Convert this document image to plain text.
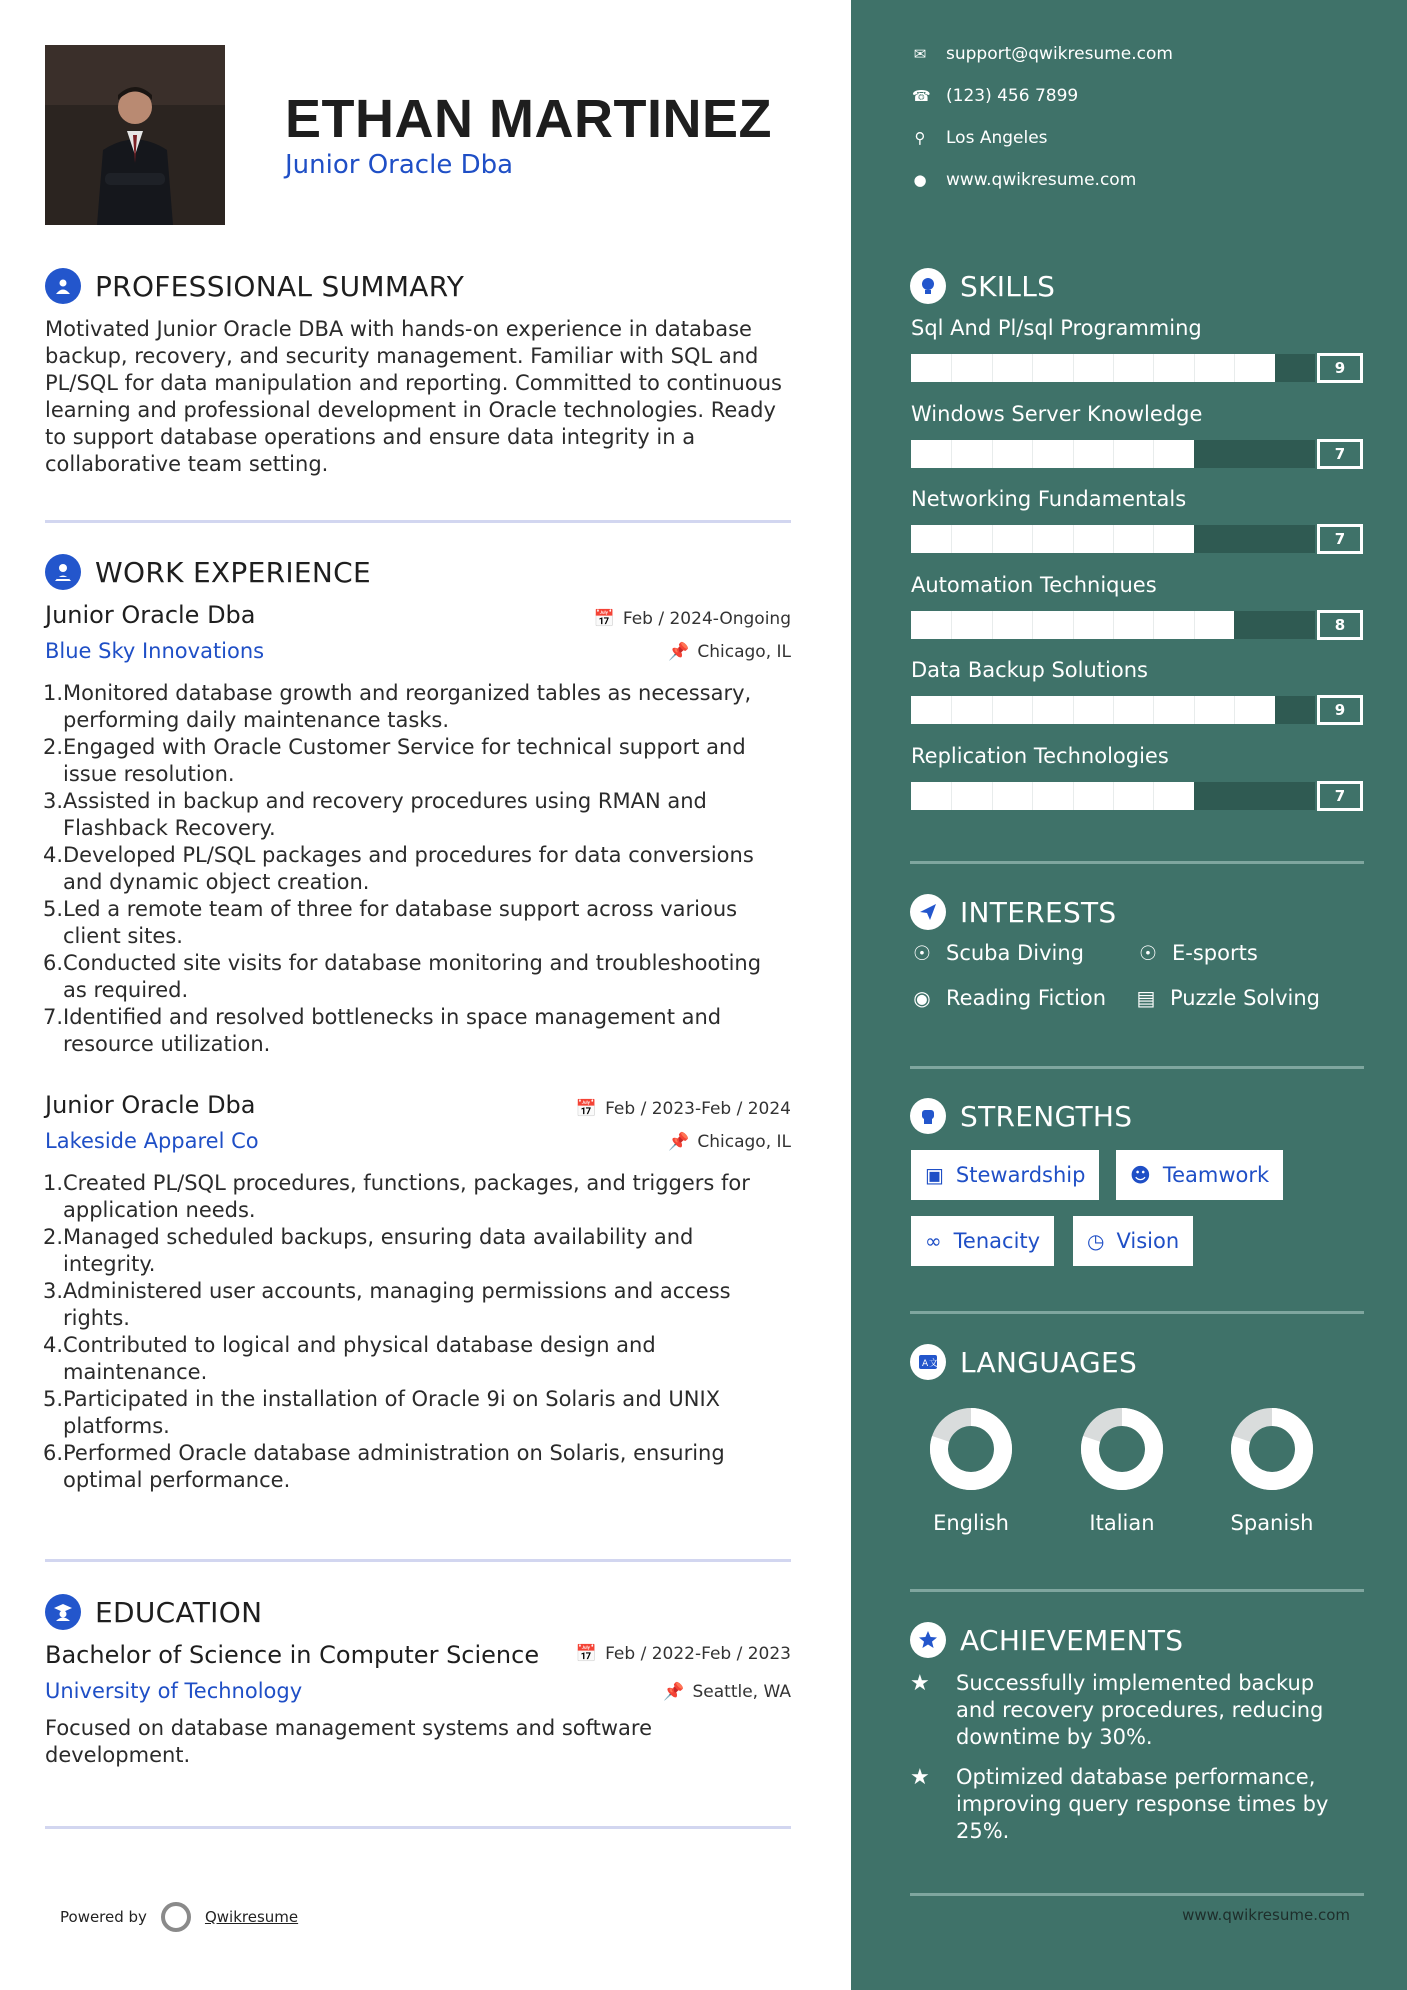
ETHAN MARTINEZ
Junior Oracle Dba
PROFESSIONAL SUMMARY
Motivated Junior Oracle DBA with hands-on experience in database backup, recovery, and security management. Familiar with SQL and PL/SQL for data manipulation and reporting. Committed to continuous learning and professional development in Oracle technologies. Ready to support database operations and ensure data integrity in a collaborative team setting.
WORK EXPERIENCE
Junior Oracle Dba	📅 Feb / 2024-Ongoing
Blue Sky Innovations	📌 Chicago, IL
1. Monitored database growth and reorganized tables as necessary, performing daily maintenance tasks.
2. Engaged with Oracle Customer Service for technical support and issue resolution.
3. Assisted in backup and recovery procedures using RMAN and Flashback Recovery.
4. Developed PL/SQL packages and procedures for data conversions and dynamic object creation.
5. Led a remote team of three for database support across various client sites.
6. Conducted site visits for database monitoring and troubleshooting as required.
7. Identified and resolved bottlenecks in space management and resource utilization.
Junior Oracle Dba	📅 Feb / 2023-Feb / 2024
Lakeside Apparel Co	📌 Chicago, IL
1. Created PL/SQL procedures, functions, packages, and triggers for application needs.
2. Managed scheduled backups, ensuring data availability and integrity.
3. Administered user accounts, managing permissions and access rights.
4. Contributed to logical and physical database design and maintenance.
5. Participated in the installation of Oracle 9i on Solaris and UNIX platforms.
6. Performed Oracle database administration on Solaris, ensuring optimal performance.
EDUCATION
Bachelor of Science in Computer Science 📅 Feb / 2022-Feb / 2023
University of Technology	📌 Seattle, WA
Focused on database management systems and software development.
Powered by	Qwikresume
✉ support@qwikresume.com
☎ (123) 456 7899
⚲ Los Angeles
● www.qwikresume.com
SKILLS
Sql And Pl/sql Programming
9
Windows Server Knowledge
7
Networking Fundamentals
7
Automation Techniques
8
Data Backup Solutions
9
Replication Technologies
7
INTERESTS
☉ Scuba Diving	☉ E-sports
◉ Reading Fiction ▤ Puzzle Solving
STRENGTHS
▣ Stewardship ☻ Teamwork
∞ Tenacity ◷ Vision
A 文 LANGUAGES
English	Italian	Spanish
ACHIEVEMENTS
★	Successfully implemented backup and recovery procedures, reducing downtime by 30%.
★	Optimized database performance, improving query response times by 25%.
www.qwikresume.com
